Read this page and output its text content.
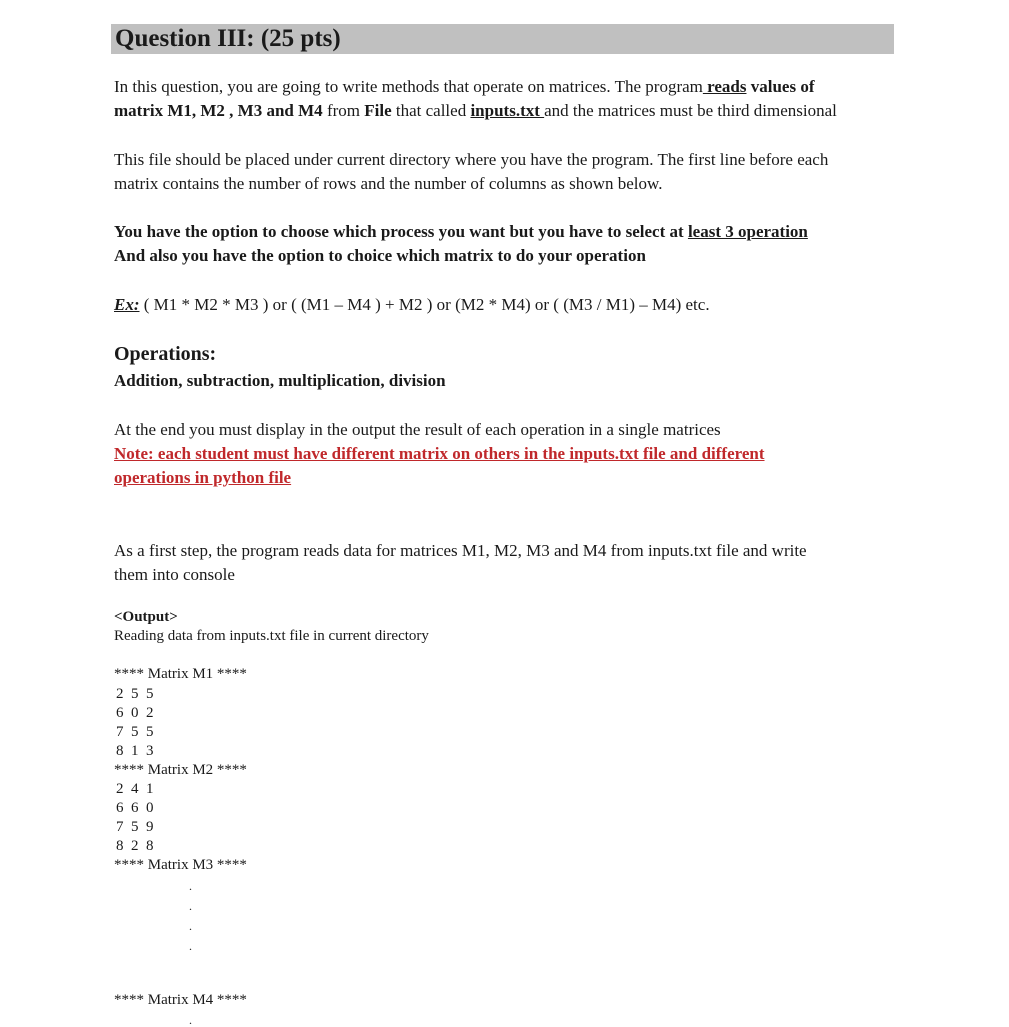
Question III: (25 pts)
In this question, you are going to write methods that operate on matrices. The program reads values of
matrix M1, M2 , M3 and M4 from File that called inputs.txt and the matrices must be third dimensional
This file should be placed under current directory where you have the program. The first line before each
matrix contains the number of rows and the number of columns as shown below.
You have the option to choose which process you want but you have to select at least 3 operation
And also you have the option to choice which matrix to do your operation
Ex: ( M1 * M2 * M3 ) or ( (M1 – M4 ) + M2 ) or (M2 * M4) or ( (M3 / M1) – M4) etc.
Operations:
Addition, subtraction, multiplication, division
At the end you must display in the output the result of each operation in a single matrices
Note: each student must have different matrix on others in the inputs.txt file and different
operations in python file
As a first step, the program reads data for matrices M1, M2, M3 and M4 from inputs.txt file and write
them into console
<Output>
Reading data from inputs.txt file in current directory
**** Matrix M1 ****
2  5  5
6  0  2
7  5  5
8  1  3
**** Matrix M2 ****
2  4  1
6  6  0
7  5  9
8  2  8
**** Matrix M3 ****
.
.
.
.
**** Matrix M4 ****
.
